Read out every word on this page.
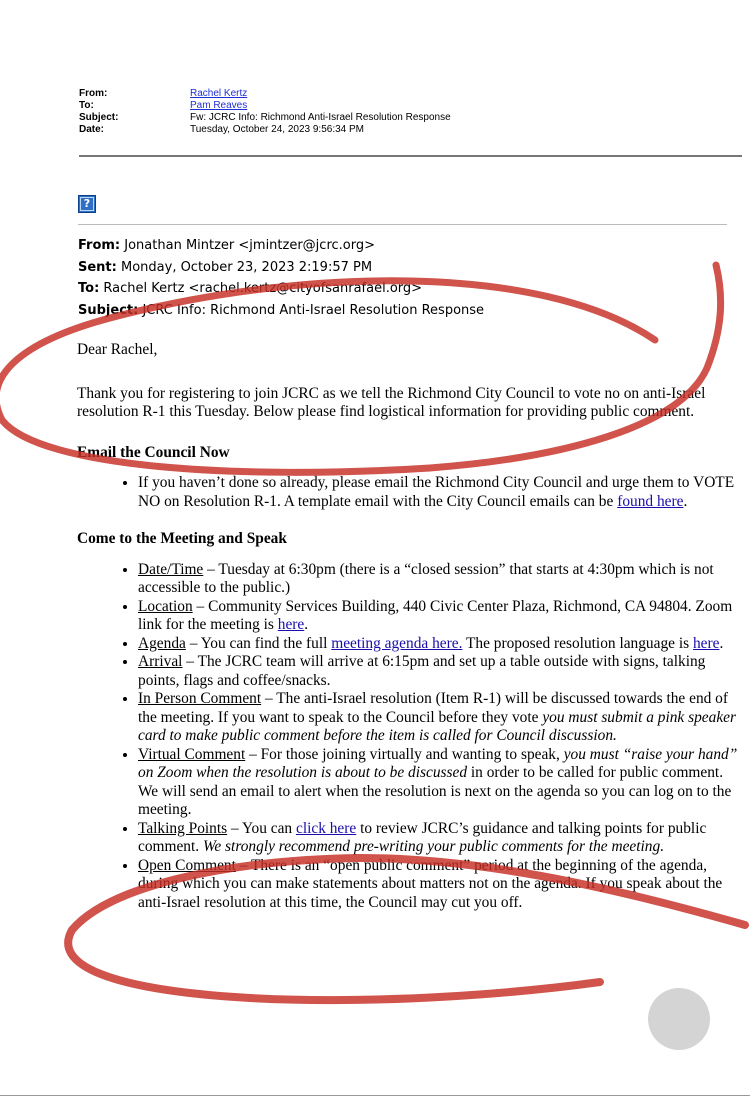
From:	Rachel Kertz
To:	Pam Reaves
Subject:	Fw: JCRC Info: Richmond Anti-Israel Resolution Response
Date:	Tuesday, October 24, 2023 9:56:34 PM
?
From: Jonathan Mintzer <jmintzer@jcrc.org>
Sent: Monday, October 23, 2023 2:19:57 PM
To: Rachel Kertz <rachel.kertz@cityofsanrafael.org>
Subject: JCRC Info: Richmond Anti-Israel Resolution Response

Dear Rachel,

Thank you for registering to join JCRC as we tell the Richmond City Council to vote no on anti-Israel resolution R-1 this Tuesday. Below please find logistical information for providing public comment.

Email the Council Now
• If you haven’t done so already, please email the Richmond City Council and urge them to VOTE NO on Resolution R-1. A template email with the City Council emails can be found here.
Come to the Meeting and Speak
• Date/Time – Tuesday at 6:30pm (there is a “closed session” that starts at 4:30pm which is not accessible to the public.)
• Location – Community Services Building, 440 Civic Center Plaza, Richmond, CA 94804. Zoom link for the meeting is here.
• Agenda – You can find the full meeting agenda here. The proposed resolution language is here.
• Arrival – The JCRC team will arrive at 6:15pm and set up a table outside with signs, talking points, flags and coffee/snacks.
• In Person Comment – The anti-Israel resolution (Item R-1) will be discussed towards the end of the meeting. If you want to speak to the Council before they vote you must submit a pink speaker card to make public comment before the item is called for Council discussion.
• Virtual Comment – For those joining virtually and wanting to speak, you must “raise your hand” on Zoom when the resolution is about to be discussed in order to be called for public comment. We will send an email to alert when the resolution is next on the agenda so you can log on to the meeting.
• Talking Points – You can click here to review JCRC’s guidance and talking points for public comment. We strongly recommend pre-writing your public comments for the meeting.
• Open Comment – There is an “open public comment” period at the beginning of the agenda, during which you can make statements about matters not on the agenda. If you speak about the anti-Israel resolution at this time, the Council may cut you off.
